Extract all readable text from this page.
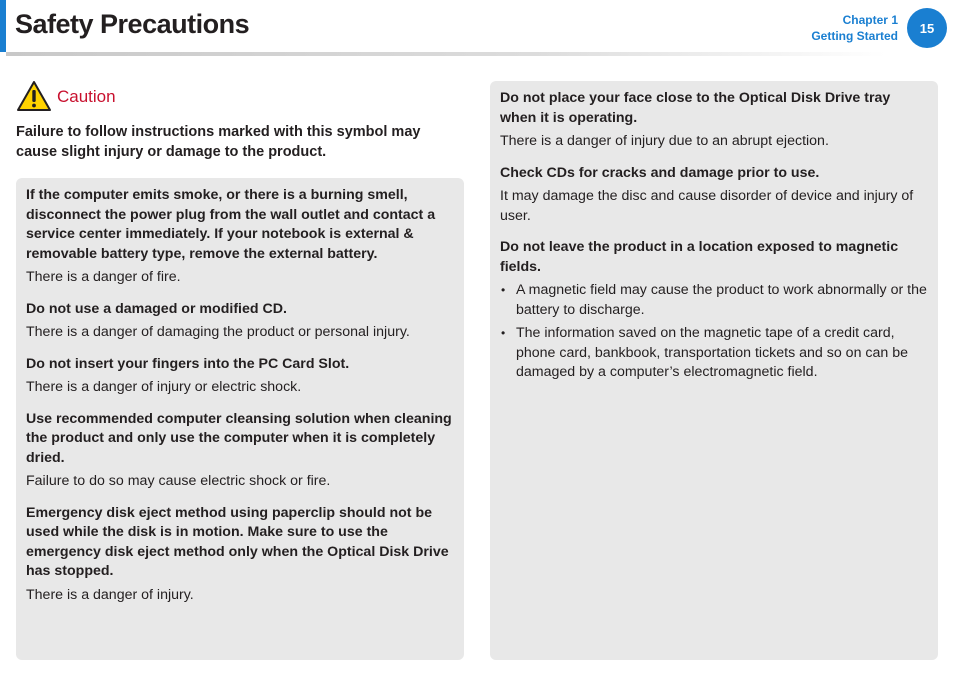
Safety Precautions	Chapter 1
Getting Started
15
Caution

Failure to follow instructions marked with this symbol may cause slight injury or damage to the product.

If the computer emits smoke, or there is a burning smell, disconnect the power plug from the wall outlet and contact a service center immediately. If your notebook is external & removable battery type, remove the external battery.
There is a danger of fire.
Do not use a damaged or modified CD.
There is a danger of damaging the product or personal injury.
Do not insert your fingers into the PC Card Slot.
There is a danger of injury or electric shock.
Use recommended computer cleansing solution when cleaning the product and only use the computer when it is completely dried.
Failure to do so may cause electric shock or fire.
Emergency disk eject method using paperclip should not be used while the disk is in motion. Make sure to use the emergency disk eject method only when the Optical Disk Drive has stopped.
There is a danger of injury.
Do not place your face close to the Optical Disk Drive tray when it is operating.
There is a danger of injury due to an abrupt ejection.
Check CDs for cracks and damage prior to use.
It may damage the disc and cause disorder of device and injury of user.
Do not leave the product in a location exposed to magnetic fields.
• A magnetic field may cause the product to work abnormally or the battery to discharge.
• The information saved on the magnetic tape of a credit card, phone card, bankbook, transportation tickets and so on can be damaged by a computer’s electromagnetic field.
